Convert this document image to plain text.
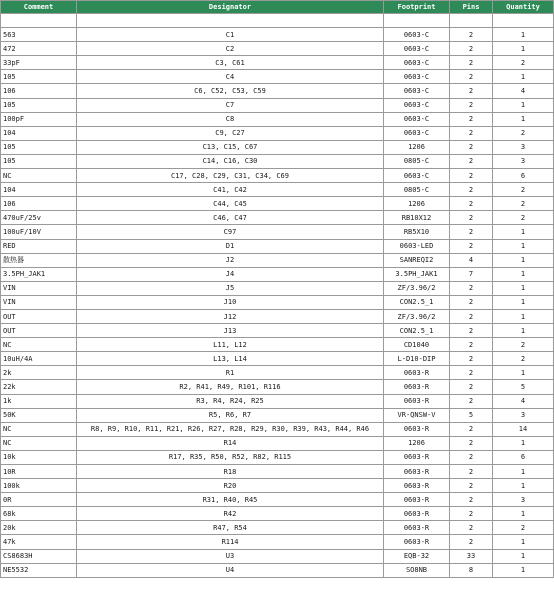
Comment	Designator	Footprint	Pins	Quantity

563	C1	0603-C	2	1
472	C2	0603-C	2	1
33pF	C3, C61	0603-C	2	2
105	C4	0603-C	2	1
106	C6, C52, C53, C59	0603-C	2	4
105	C7	0603-C	2	1
100pF	C8	0603-C	2	1
104	C9, C27	0603-C	2	2
105	C13, C15, C67	1206	2	3
105	C14, C16, C30	0805-C	2	3
NC	C17, C28, C29, C31, C34, C69	0603-C	2	6
104	C41, C42	0805-C	2	2
106	C44, C45	1206	2	2
470uF/25v	C46, C47	RB10X12	2	2
100uF/10V	C97	RB5X10	2	1
RED	D1	0603-LED	2	1
散热器	J2	SANREQI2	4	1
3.5PH_JAK1	J4	3.5PH_JAK1	7	1
VIN	J5	ZF/3.96/2	2	1
VIN	J10	CON2.5_1	2	1
OUT	J12	ZF/3.96/2	2	1
OUT	J13	CON2.5_1	2	1
NC	L11, L12	CD1040	2	2
10uH/4A	L13, L14	L-D10-DIP	2	2
2k	R1	0603-R	2	1
22k	R2, R41, R49, R101, R116	0603-R	2	5
1k	R3, R4, R24, R25	0603-R	2	4
50K	R5, R6, R7	VR-QNSW-V	5	3
NC	R8, R9, R10, R11, R21, R26, R27, R28, R29, R30, R39, R43, R44, R46	0603-R	2	14
NC	R14	1206	2	1
10k	R17, R35, R50, R52, R82, R115	0603-R	2	6
10R	R18	0603-R	2	1
100k	R20	0603-R	2	1
0R	R31, R40, R45	0603-R	2	3
68k	R42	0603-R	2	1
20k	R47, R54	0603-R	2	2
47k	R114	0603-R	2	1
CS8683H	U3	EQB-32	33	1
NE5532	U4	SO8NB	8	1
